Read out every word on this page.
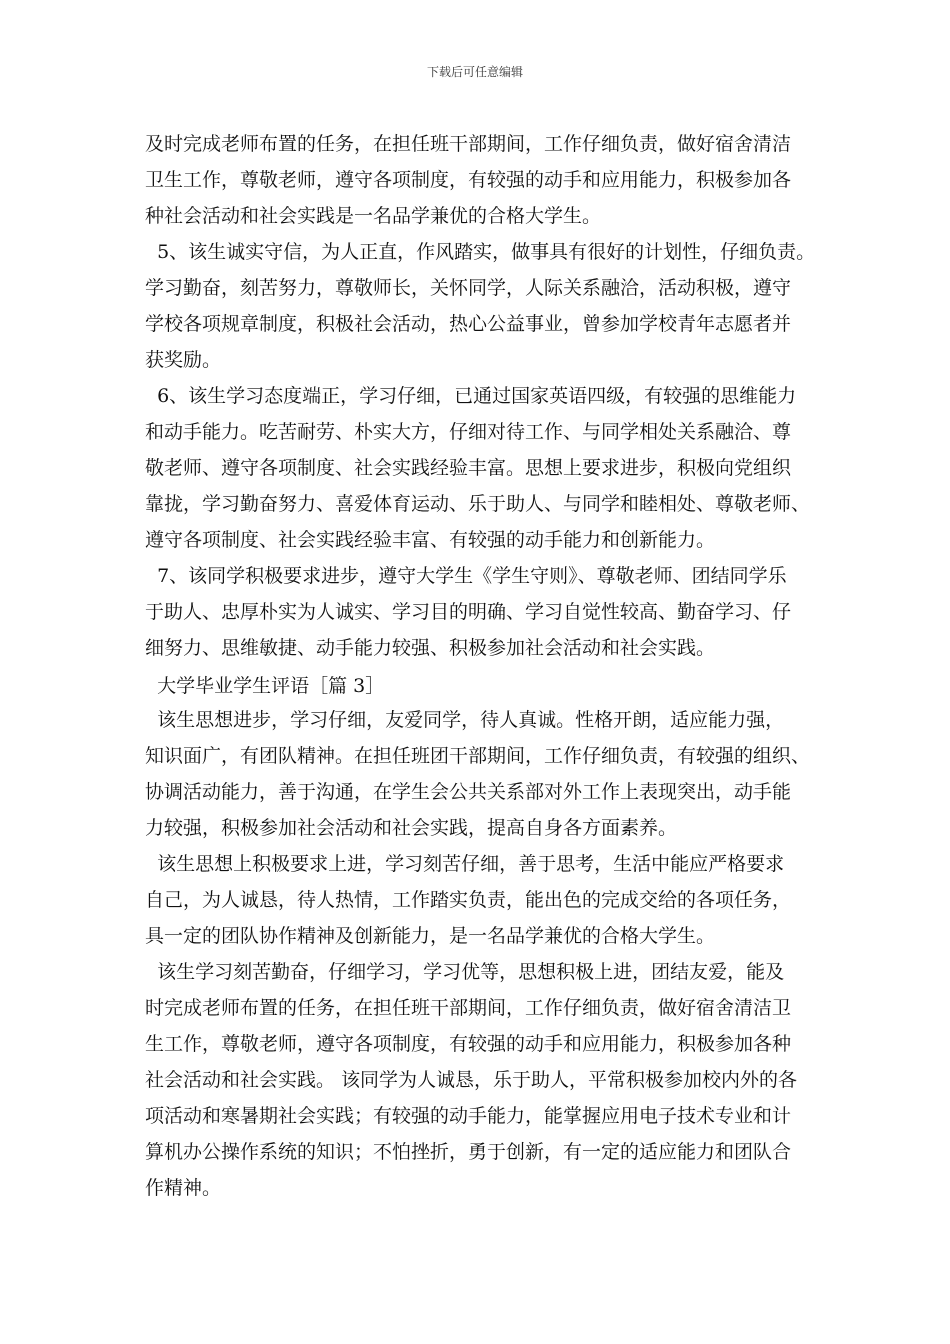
下载后可任意编辑
及时完成老师布置的任务，在担任班干部期间，工作仔细负责，做好宿舍清洁
卫生工作，尊敬老师，遵守各项制度，有较强的动手和应用能力，积极参加各
种社会活动和社会实践是一名品学兼优的合格大学生。
5、该生诚实守信，为人正直，作风踏实，做事具有很好的计划性，仔细负责。
学习勤奋，刻苦努力，尊敬师长，关怀同学，人际关系融洽，活动积极，遵守
学校各项规章制度，积极社会活动，热心公益事业，曾参加学校青年志愿者并
获奖励。
6、该生学习态度端正，学习仔细，已通过国家英语四级，有较强的思维能力
和动手能力。吃苦耐劳、朴实大方，仔细对待工作、与同学相处关系融洽、尊
敬老师、遵守各项制度、社会实践经验丰富。思想上要求进步，积极向党组织
靠拢，学习勤奋努力、喜爱体育运动、乐于助人、与同学和睦相处、尊敬老师、
遵守各项制度、社会实践经验丰富、有较强的动手能力和创新能力。
7、该同学积极要求进步，遵守大学生《学生守则》、尊敬老师、团结同学乐
于助人、忠厚朴实为人诚实、学习目的明确、学习自觉性较高、勤奋学习、仔
细努力、思维敏捷、动手能力较强、积极参加社会活动和社会实践。
大学毕业学生评语［篇 3］
该生思想进步，学习仔细，友爱同学，待人真诚。性格开朗，适应能力强，
知识面广，有团队精神。在担任班团干部期间，工作仔细负责，有较强的组织、
协调活动能力，善于沟通，在学生会公共关系部对外工作上表现突出，动手能
力较强，积极参加社会活动和社会实践，提高自身各方面素养。
该生思想上积极要求上进，学习刻苦仔细，善于思考，生活中能应严格要求
自己，为人诚恳，待人热情，工作踏实负责，能出色的完成交给的各项任务，
具一定的团队协作精神及创新能力，是一名品学兼优的合格大学生。
该生学习刻苦勤奋，仔细学习，学习优等，思想积极上进，团结友爱，能及
时完成老师布置的任务，在担任班干部期间，工作仔细负责，做好宿舍清洁卫
生工作，尊敬老师，遵守各项制度，有较强的动手和应用能力，积极参加各种
社会活动和社会实践。 该同学为人诚恳，乐于助人，平常积极参加校内外的各
项活动和寒暑期社会实践；有较强的动手能力，能掌握应用电子技术专业和计
算机办公操作系统的知识；不怕挫折，勇于创新，有一定的适应能力和团队合
作精神。
